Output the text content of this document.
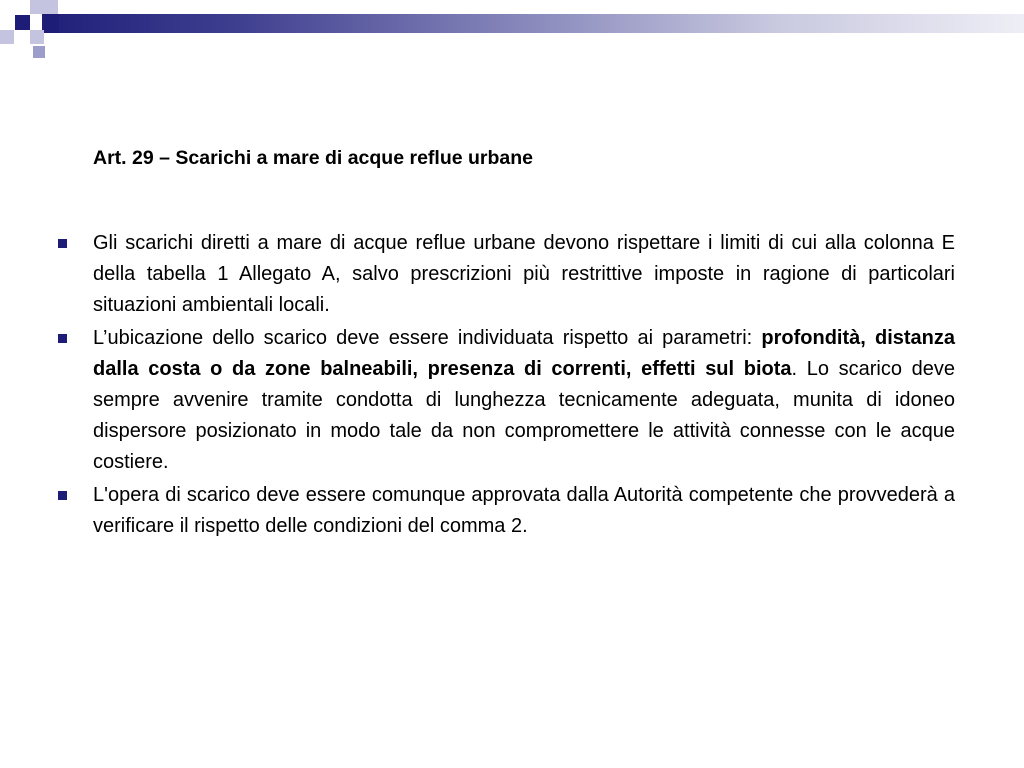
Art. 29 – Scarichi a mare di acque reflue urbane
Gli scarichi diretti a mare di acque reflue urbane devono rispettare i limiti di cui alla colonna E della tabella 1 Allegato A, salvo prescrizioni più restrittive imposte in ragione di particolari situazioni ambientali locali.
L’ubicazione dello scarico deve essere individuata rispetto ai parametri: profondità, distanza dalla costa o da zone balneabili, presenza di correnti, effetti sul biota. Lo scarico deve sempre avvenire tramite condotta di lunghezza tecnicamente adeguata, munita di idoneo dispersore posizionato in modo tale da non compromettere le attività connesse con le acque costiere.
L'opera di scarico deve essere comunque approvata dalla Autorità competente che provvederà a verificare il rispetto delle condizioni del comma 2.
